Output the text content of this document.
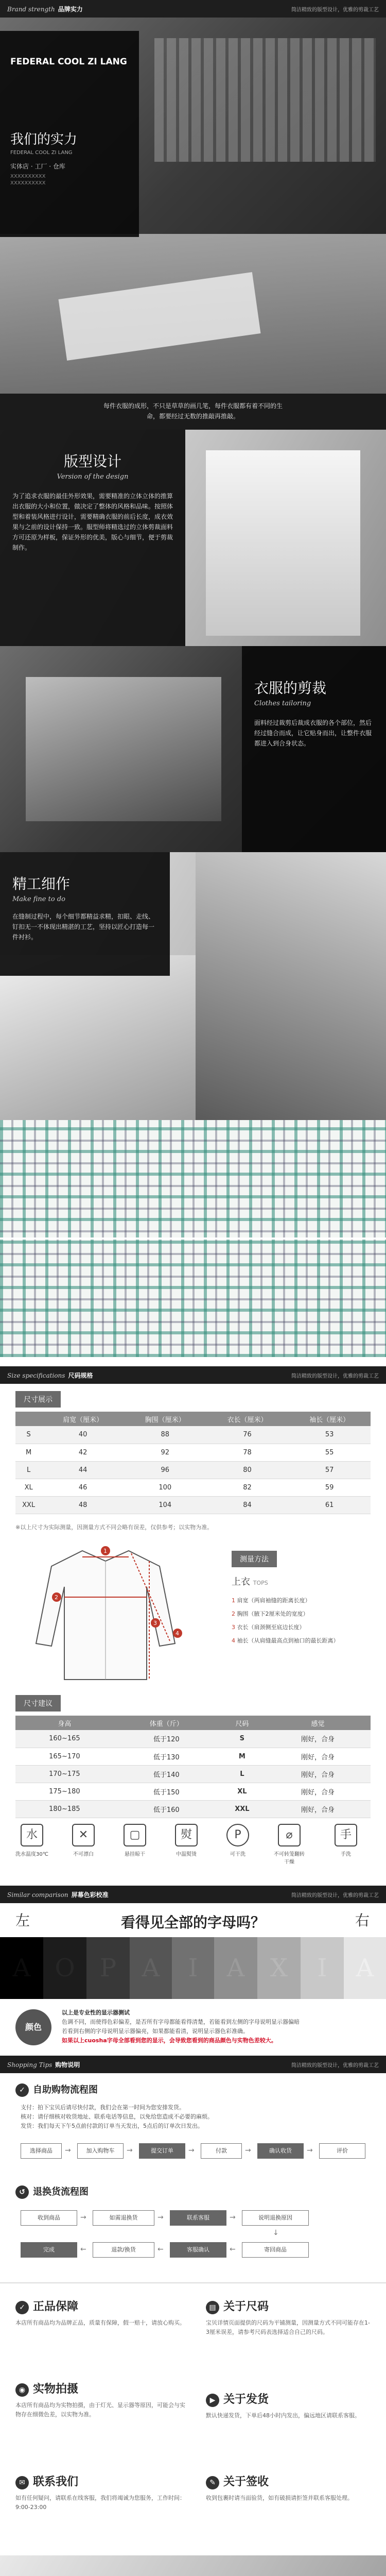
Brand strength 品牌实力	简洁精致的版型设计，优雅的剪裁工艺
FEDERAL COOL ZI LANG
我们的实力
FEDERAL COOL ZI LANG
实体店 · 工厂 · 仓库
XXXXXXXXXX
XXXXXXXXXX
每件衣服的成形，不只是草草的画几笔，每件衣服都有着不同的生命，都要经过无数的推敲再推敲。
版型设计
Version of the design
为了追求衣服的最佳外形效果，需要精准的立体立体的推算出衣服的大小和位置，做决定了整体的风格和品味。按照体型和着装风格进行设计，需要精确衣服的前后长度，成衣效果与之前的设计保持一致。服型师将精选过的立体剪裁面料方可还原为样板，保证外形的优美，版心与细节，便于剪裁制作。
衣服的剪裁
Clothes tailoring
面料经过裁剪后裁成衣服的各个部位，然后经过缝合而成，让它贴身而出，让整件衣服都进入到合身状态。
精工细作
Make fine to do
在缝制过程中，每个细节都精益求精，扣眼、走线、钉扣无一不体现出精湛的工艺，坚持以匠心打造每一件衬衫。
Size specifications 尺码规格	简洁精致的版型设计，优雅的剪裁工艺
尺寸展示
	肩宽（厘米）	胸围（厘米）	衣长（厘米）	袖长（厘米）
S	40	88	76	53
M	42	92	78	55
L	44	96	80	57
XL	46	100	82	59
XXL	48	104	84	61
※以上尺寸为实际测量，因测量方式不同会略有误差，仅供参考；以实物为准。
1
2
3
4
测量方法
上衣 TOPS
1 肩宽（两肩袖缝的距离长度）
2 胸围（腋下2厘米处的宽度）
3 衣长（肩颈侧至底边长度）
4 袖长（从肩缝最高点到袖口的最长距离）
尺寸建议
身高	体重（斤）	尺码	感觉
160~165	低于120	S	刚好，合身
165~170	低于130	M	刚好，合身
170~175	低于140	L	刚好，合身
175~180	低于150	XL	刚好，合身
180~185	低于160	XXL	刚好，合身
水
洗水温度30℃
✕
不可漂白
▢
悬挂晾干
熨
中温熨烫
P
可干洗
⌀
不可转笼翻转干燥
手
手洗
Similar comparison 屏幕色彩校准	简洁精致的版型设计，优雅的剪裁工艺
左	右
看得见全部的字母吗？
A O	P	A	I	A	X	I	A
颜色
以上是专业性的显示器测试
色调不同，而使得色彩偏差，是否所有字母都能看得清楚，若能看到左侧的字母说明显示器偏暗
若看到右侧的字母说明显示器偏亮，如果都能看清，说明显示器色彩准确。
如果以上cuosha字母全部看到您的显示，会导致您看到的商品颜色与实物色差较大。
Shopping Tips 购物说明	简洁精致的版型设计，优雅的剪裁工艺
✓ 自助购物流程图
支付：拍下宝贝后请尽快付款，我们会在第一时间为您安排发货。
核对：请仔细核对收货地址、联系电话等信息，以免给您造成不必要的麻烦。
发货：我们每天下午5点前付款的订单当天发出，5点后的订单次日发出。
选择商品	→	加入购物车	→	提交订单	→	付款	→	确认收货	→	评价
↺ 退换货流程图
收到商品	→	如需退换货	→	联系客服	→	说明退换原因
↓
寄回商品
←
客服确认
←
退款/换货
←
完成
✓ 正品保障
本店所有商品均为品牌正品，质量有保障，假一赔十，请放心购买。
◉ 实物拍摄
本店所有商品均为实物拍摄，由于灯光、显示器等原因，可能会与实物存在细微色差，以实物为准。
✉ 联系我们
如有任何疑问，请联系在线客服，我们将竭诚为您服务，工作时间：9:00-23:00
▤ 关于尺码
宝贝详情页面提供的尺码为平铺测量，因测量方式不同可能存在1-3厘米误差，请参考尺码表选择适合自己的尺码。
▶ 关于发货
默认快递发货，下单后48小时内发出，偏远地区请联系客服。
✎ 关于签收
收到包裹时请当面验货，如有破损请拒签并联系客服处理。
